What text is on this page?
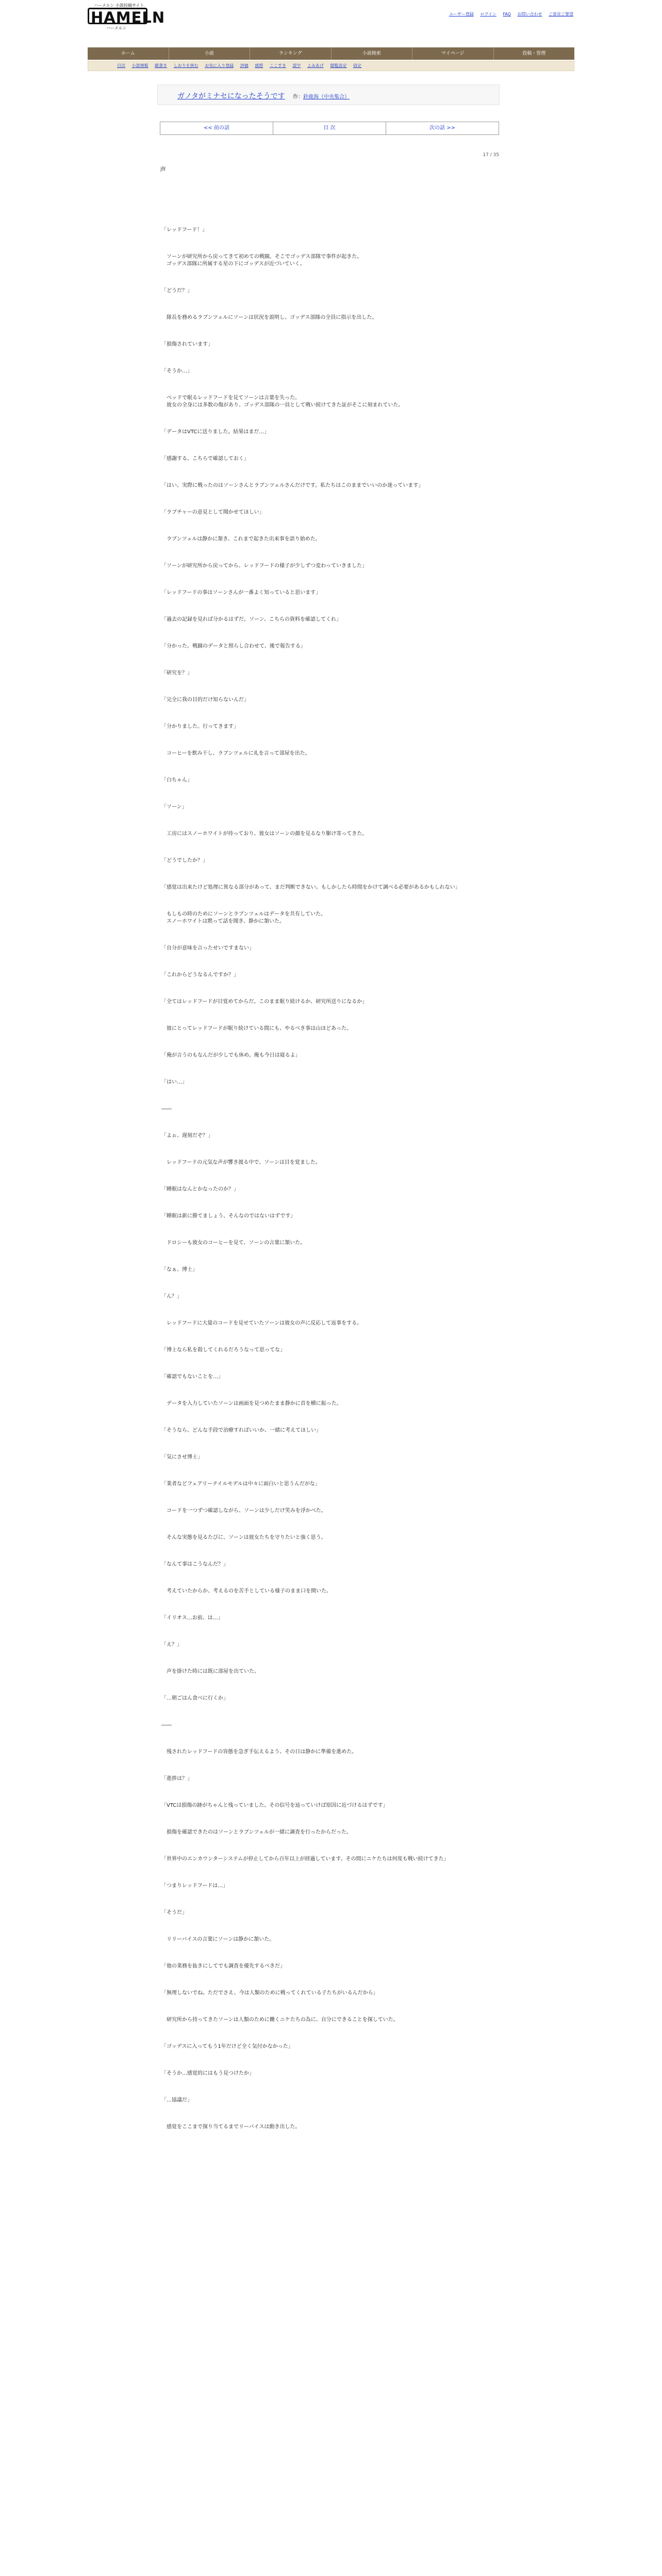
ハーメルン 小説投稿サイト
HAMELN
ハーメルン
ユーザー登録 ログイン FAQ お問い合わせ ご意見ご要望
ホーム	小説	ランキング	小説検索	マイページ	投稿・管理
目次 小説情報 縦書き しおりを挟む お気に入り登録 評価 感想 ここすき 誤字 よみあげ 閲覧設定 固定
ガノタがミナセになったそうです 作：鈴鹿海（中央集合）
<< 前の話	目 次	次の話 >>
17 / 35
声

「レッドフード！」

　ソーンが研究所から戻ってきて初めての戦闘。そこでゴッデス部隊で事件が起きた。
　ゴッデス部隊に所属する星の下にゴッデスが近づいていく。

「どうだ？」

　隊長を務めるラブンツェルにソーンは状況を説明し、ゴッデス部隊の全員に指示を出した。

「損傷されています」

「そうか…」

　ベッドで眠るレッドフードを見てソーンは言葉を失った。
　彼女の全身には多数の傷があり、ゴッデス部隊の一員として戦い続けてきた証がそこに刻まれていた。

「データはVTCに送りました。結果はまだ…」

「感謝する。こちらで確認しておく」

「はい。実際に戦ったのはソーンさんとラブンツェルさんだけです。私たちはこのままでいいのか迷っています」

「ラブチャーの意見として聞かせてほしい」

　ラブンツェルは静かに頷き、これまで起きた出来事を語り始めた。

「ソーンが研究所から戻ってから、レッドフードの様子が少しずつ変わっていきました」

「レッドフードの事はソーンさんが一番よく知っていると思います」

「過去の記録を見れば分かるはずだ。ソーン、こちらの資料を確認してくれ」

「分かった。戦闘のデータと照らし合わせて、後で報告する」

「研究を？」

「完全に我の目的だけ知らないんだ」

「分かりました。行ってきます」

　コーヒーを飲み干し、ラブンツェルに礼を言って部屋を出た。

「白ちゃん」

「ソーン」

　工房にはスノーホワイトが待っており、彼女はソーンの顔を見るなり駆け寄ってきた。

「どうでしたか？」

「感覚は出来たけど処理に異なる部分があって、まだ判断できない。もしかしたら時間をかけて調べる必要があるかもしれない」

　もしもの時のためにソーンとラブンツェルはデータを共有していた。
　スノーホワイトは黙って話を聞き、静かに頷いた。

「自分が意味を言ったせいですまない」

「これからどうなるんですか？」

「全てはレッドフードが目覚めてからだ。このまま眠り続けるか、研究所送りになるか」

　彼にとってレッドフードが眠り続けている間にも、やるべき事は山ほどあった。

「俺が言うのもなんだが少しでも休め。俺も今日は寝るよ」

「はい…」

――

「よぉ、遅刻だぞ？」

　レッドフードの元気な声が響き渡る中で、ソーンは目を覚ました。

「睡眠はなんとかなったのか？」

「睡眠は新に勝てましょう、そんなのではないはずです」

　ドロシーも彼女のコーヒーを見て、ソーンの言葉に頷いた。

「なぁ、博士」

「ん？」

　レッドフードに大量のコードを見せていたソーンは彼女の声に反応して返事をする。

「博士なら私を殺してくれるだろうなって思ってな」

「確認でもないことを…」

　データを入力していたソーンは画面を見つめたまま静かに首を横に振った。

「そうなら、どんな手段で治療すればいいか、一緒に考えてほしい」

「気にさせ博士」

「業者などフェアリーテイルモデルは中々に面白いと思うんだがな」

　コードを一つずつ確認しながら、ソーンは少しだけ笑みを浮かべた。

　そんな実態を見るたびに、ソーンは彼女たちを守りたいと強く思う。

「なんて事はこうなんだ？」

　考えていたからか、考えるのを苦手としている様子のまま口を開いた。

「イリオス…お前、は…」

「え？」

　声を掛けた時には既に部屋を出ていた。

「…朝ごはん食べに行くか」

――

　残されたレッドフードの容態を急ぎ手伝えるよう、その日は静かに準備を進めた。

「進捗は？」

「VTCは損傷の跡がちゃんと残っていました。その信号を辿っていけば原因に近づけるはずです」

　損傷を確認できたのはソーンとラブンツェルが一緒に調査を行ったからだった。

「世界中のエンカウンターシステムが停止してから百年以上が経過しています。その間にニケたちは何度も戦い続けてきた」

「つまりレッドフードは…」

「そうだ」

　リリーバイスの言葉にソーンは静かに頷いた。

「他の業務を抜きにしてでも調査を優先するべきだ」

「無理しないでね。ただでさえ、今は人類のために戦ってくれている子たちがいるんだから」

　研究所から持ってきたソーンは人類のために働くニケたちの為に、自分にできることを探していた。

「ゴッデスに入ってもう1年だけど全く気付かなかった」

「そうか…感覚的にはもう見つけたか」

「…協議だ」

　感覚をここまで探り当てるまでリーバイスは動き出した。
